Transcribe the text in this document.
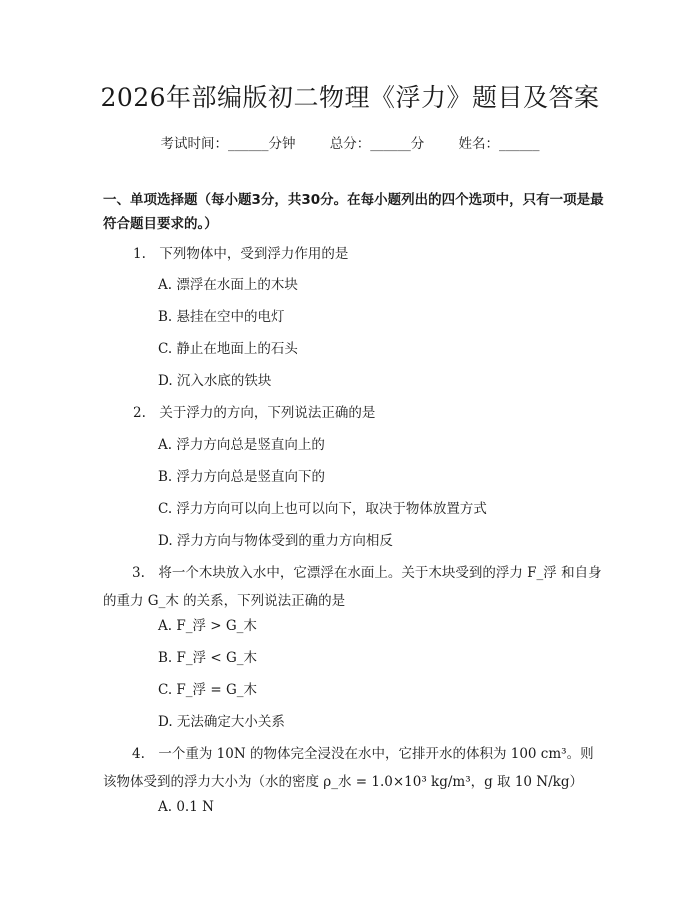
2026年部编版初二物理《浮力》题目及答案
考试时间：______分钟	总分：______分	姓名：______
一、单项选择题（每小题3分，共30分。在每小题列出的四个选项中，只有一项是最符合题目要求的。）
1.　下列物体中，受到浮力作用的是
A. 漂浮在水面上的木块
B. 悬挂在空中的电灯
C. 静止在地面上的石头
D. 沉入水底的铁块
2.　关于浮力的方向，下列说法正确的是
A. 浮力方向总是竖直向上的
B. 浮力方向总是竖直向下的
C. 浮力方向可以向上也可以向下，取决于物体放置方式
D. 浮力方向与物体受到的重力方向相反
3.　将一个木块放入水中，它漂浮在水面上。关于木块受到的浮力 F_浮 和自身的重力 G_木 的关系，下列说法正确的是
A. F_浮 > G_木
B. F_浮 < G_木
C. F_浮 = G_木
D. 无法确定大小关系
4.　一个重为 10N 的物体完全浸没在水中，它排开水的体积为 100 cm³。则该物体受到的浮力大小为（水的密度 ρ_水 = 1.0×10³ kg/m³，g 取 10 N/kg）
A. 0.1 N
